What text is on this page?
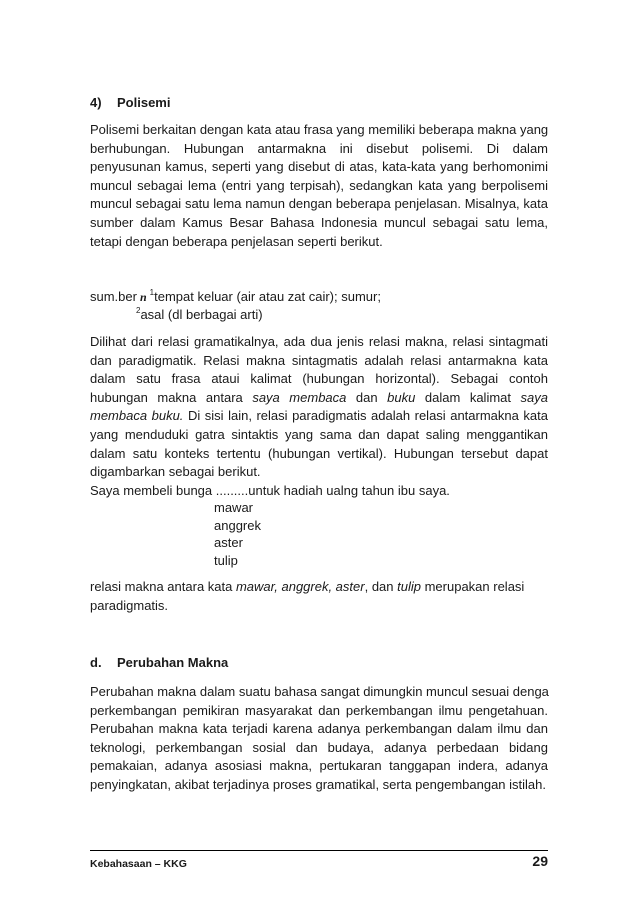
4) Polisemi
Polisemi berkaitan dengan kata atau frasa yang memiliki beberapa makna yang
berhubungan. Hubungan antarmakna ini disebut polisemi. Di dalam
penyusunan kamus, seperti yang disebut di atas, kata-kata yang berhomonimi
muncul sebagai lema (entri yang terpisah), sedangkan kata yang berpolisemi
muncul sebagai satu lema namun dengan beberapa penjelasan. Misalnya, kata
sumber dalam Kamus Besar Bahasa Indonesia muncul sebagai satu lema,
tetapi dengan beberapa penjelasan seperti berikut.
sum.ber n $^1$tempat keluar (air atau zat cair); sumur;
$^2$asal (dl berbagai arti)
Dilihat dari relasi gramatikalnya, ada dua jenis relasi makna, relasi sintagmati
dan paradigmatik. Relasi makna sintagmatis adalah relasi antarmakna kata
dalam satu frasa ataui kalimat (hubungan horizontal). Sebagai contoh
hubungan makna antara saya membaca dan buku dalam kalimat saya
membaca buku. Di sisi lain, relasi paradigmatis adalah relasi antarmakna kata
yang menduduki gatra sintaktis yang sama dan dapat saling menggantikan
dalam satu konteks tertentu (hubungan vertikal). Hubungan tersebut dapat
digambarkan sebagai berikut.
Saya membeli bunga .........untuk hadiah ualng tahun ibu saya.
mawar
anggrek
aster
tulip
relasi makna antara kata mawar, anggrek, aster, dan tulip merupakan relasi
paradigmatis.
d. Perubahan Makna
Perubahan makna dalam suatu bahasa sangat dimungkin muncul sesuai denga
perkembangan pemikiran masyarakat dan perkembangan ilmu pengetahuan.
Perubahan makna kata terjadi karena adanya perkembangan dalam ilmu dan
teknologi, perkembangan sosial dan budaya, adanya perbedaan bidang
pemakaian, adanya asosiasi makna, pertukaran tanggapan indera, adanya
penyingkatan, akibat terjadinya proses gramatikal, serta pengembangan istilah.
Kebahasaan – KKG	29
